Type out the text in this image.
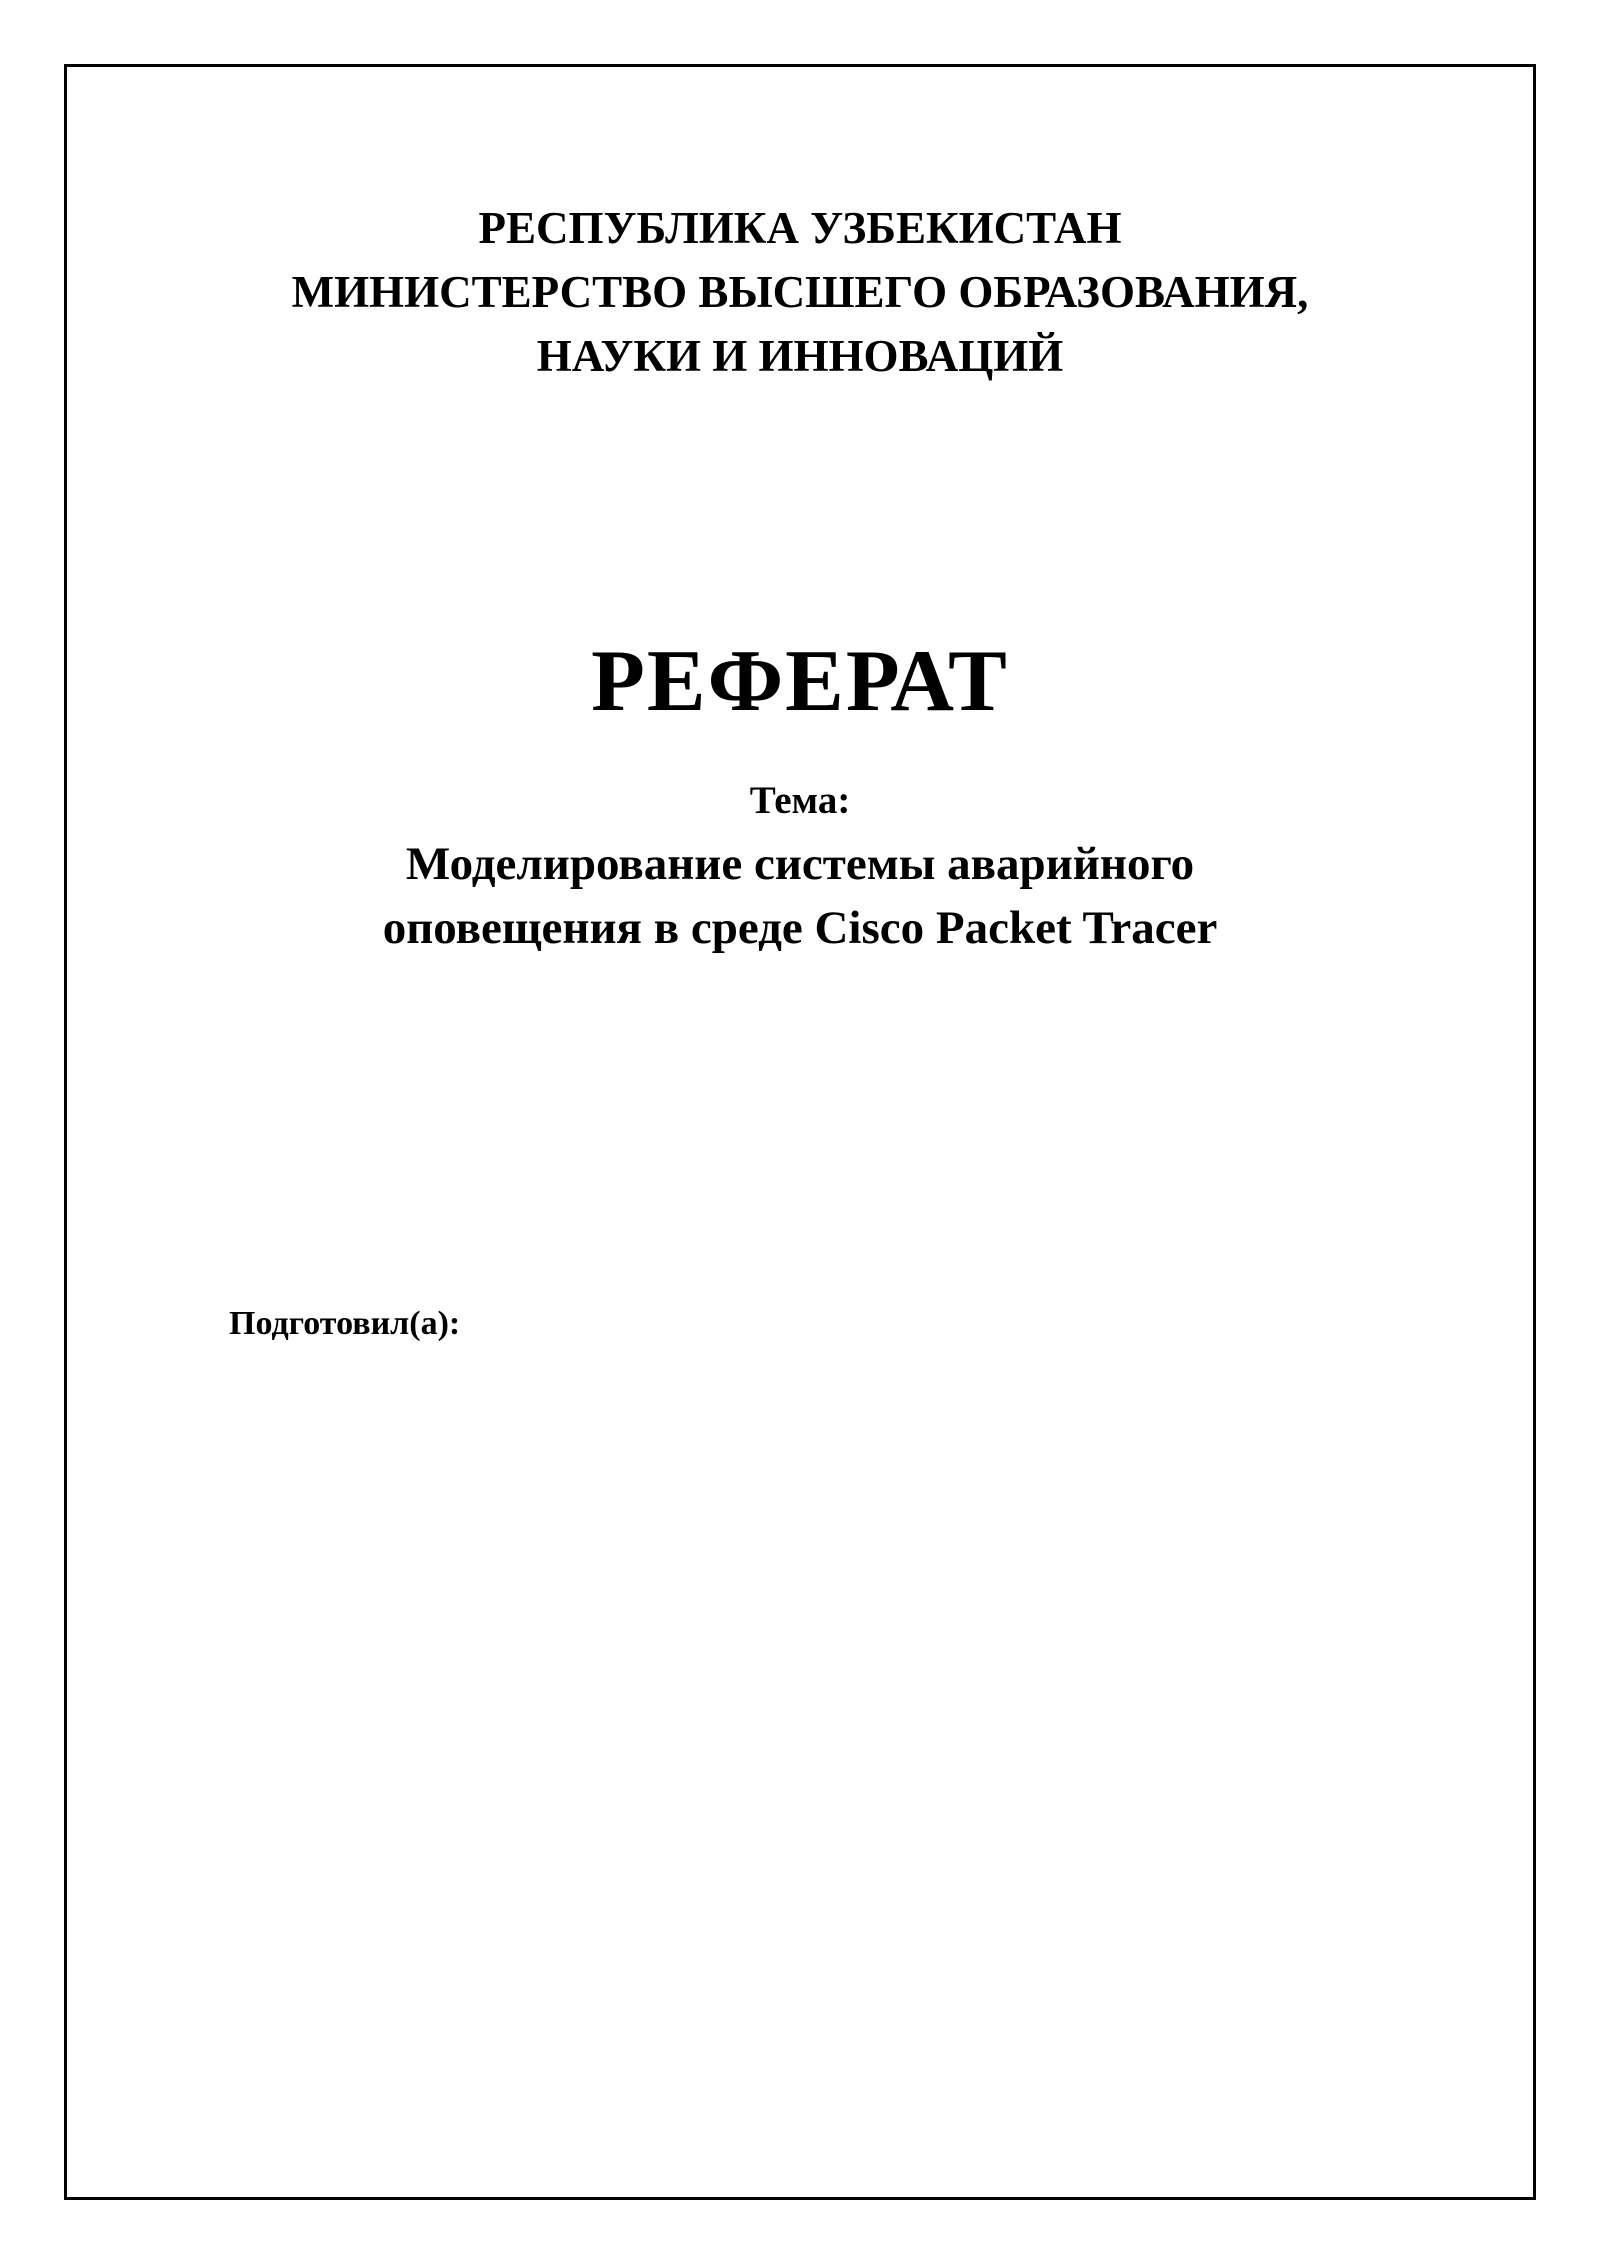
РЕСПУБЛИКА УЗБЕКИСТАН
МИНИСТЕРСТВО ВЫСШЕГО ОБРАЗОВАНИЯ,
НАУКИ И ИННОВАЦИЙ
РЕФЕРАТ
Тема:
Моделирование системы аварийного
оповещения в среде Cisco Packet Tracer
Подготовил(а):
